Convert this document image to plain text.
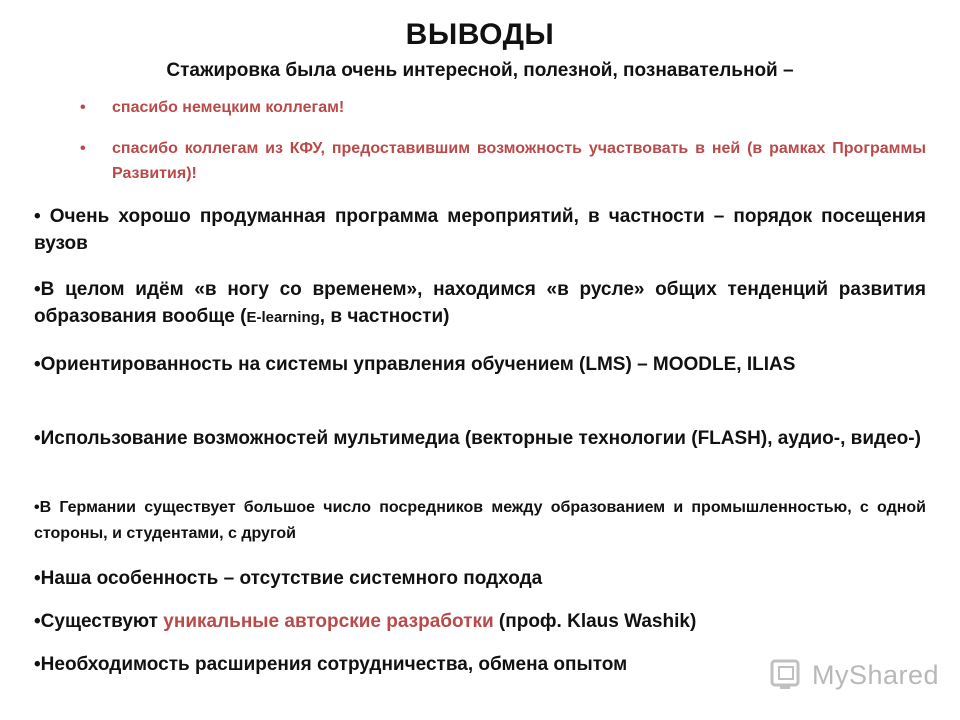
ВЫВОДЫ
Стажировка была очень интересной, полезной, познавательной –
• спасибо немецким коллегам!
• спасибо коллегам из КФУ, предоставившим возможность участвовать в ней (в рамках Программы Развития)!
• Очень хорошо продуманная программа мероприятий, в частности – порядок посещения вузов
•В целом идём «в ногу со временем», находимся «в русле» общих тенденций развития образования вообще (E-learning, в частности)
•Ориентированность на системы управления обучением (LMS) – MOODLE, ILIAS
•Использование возможностей мультимедиа (векторные технологии (FLASH), аудио-, видео-)
•В Германии существует большое число посредников между образованием и промышленностью, с одной стороны, и студентами, с другой
•Наша особенность – отсутствие системного подхода
•Существуют уникальные авторские разработки (проф. Klaus Washik)
•Необходимость расширения сотрудничества, обмена опытом	MyShared
